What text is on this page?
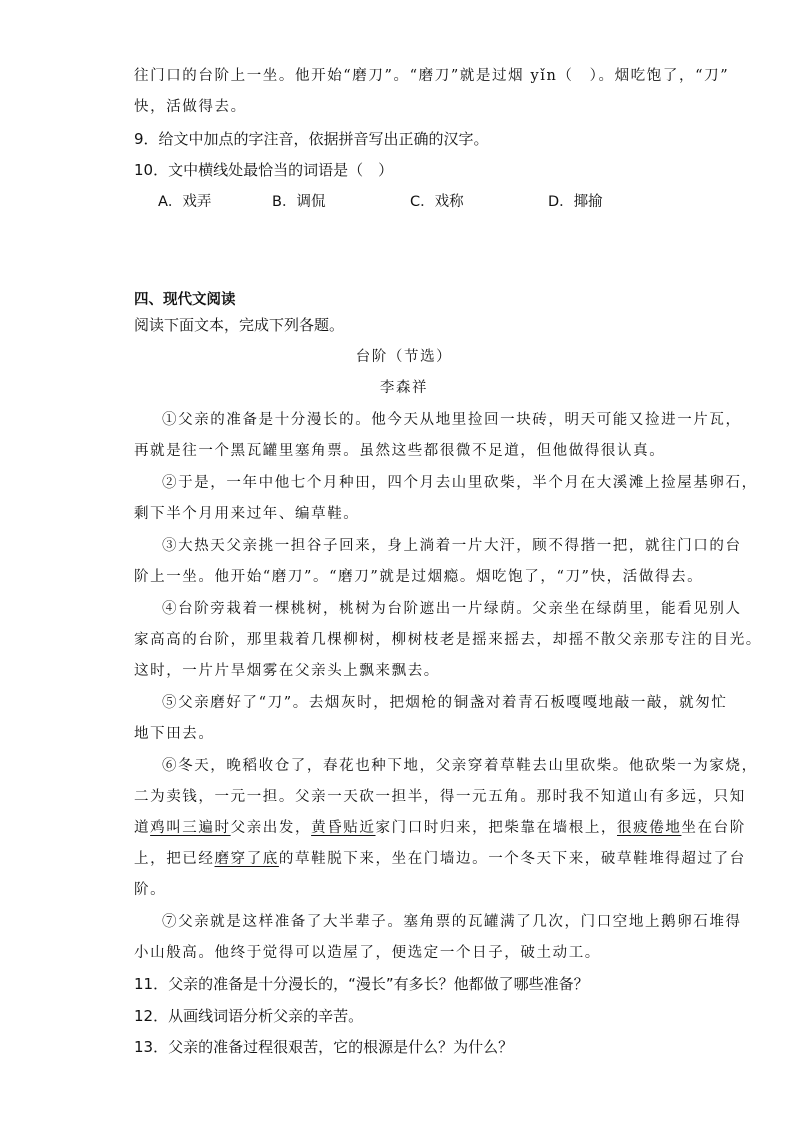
往门口的台阶上一坐。他开始“磨刀”。“磨刀”就是过烟 yǐn（　）。烟吃饱了，“刀”
快，活做得去。
9．给文中加点的字注音，依据拼音写出正确的汉字。
10．文中横线处最恰当的词语是（　）
A．戏弄	B．调侃	C．戏称	D．揶揄
四、现代文阅读
阅读下面文本，完成下列各题。
台阶（节选）
李森祥
①父亲的准备是十分漫长的。他今天从地里捡回一块砖，明天可能又捡进一片瓦，
再就是往一个黑瓦罐里塞角票。虽然这些都很微不足道，但他做得很认真。
②于是，一年中他七个月种田，四个月去山里砍柴，半个月在大溪滩上捡屋基卵石，
剩下半个月用来过年、编草鞋。
③大热天父亲挑一担谷子回来，身上淌着一片大汗，顾不得揩一把，就往门口的台
阶上一坐。他开始“磨刀”。“磨刀”就是过烟瘾。烟吃饱了，“刀”快，活做得去。
④台阶旁栽着一棵桃树，桃树为台阶遮出一片绿荫。父亲坐在绿荫里，能看见别人
家高高的台阶，那里栽着几棵柳树，柳树枝老是摇来摇去，却摇不散父亲那专注的目光。
这时，一片片旱烟雾在父亲头上飘来飘去。
⑤父亲磨好了“刀”。去烟灰时，把烟枪的铜盏对着青石板嘎嘎地敲一敲，就匆忙
地下田去。
⑥冬天，晚稻收仓了，春花也种下地，父亲穿着草鞋去山里砍柴。他砍柴一为家烧，
二为卖钱，一元一担。父亲一天砍一担半，得一元五角。那时我不知道山有多远，只知
道鸡叫三遍时父亲出发，黄昏贴近家门口时归来，把柴靠在墙根上，很疲倦地坐在台阶
上，把已经磨穿了底的草鞋脱下来，坐在门墙边。一个冬天下来，破草鞋堆得超过了台
阶。
⑦父亲就是这样准备了大半辈子。塞角票的瓦罐满了几次，门口空地上鹅卵石堆得
小山般高。他终于觉得可以造屋了，便选定一个日子，破土动工。
11．父亲的准备是十分漫长的，“漫长”有多长？他都做了哪些准备？
12．从画线词语分析父亲的辛苦。
13．父亲的准备过程很艰苦，它的根源是什么？为什么？
